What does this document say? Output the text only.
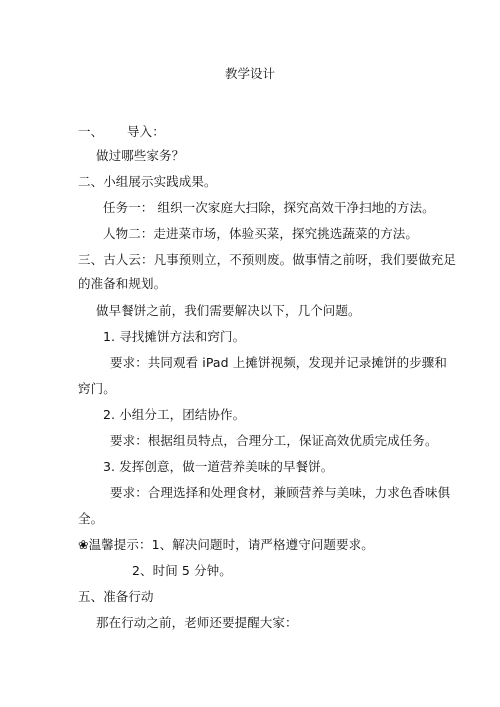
教学设计
一、 导入：
做过哪些家务？
二、小组展示实践成果。
任务一： 组织一次家庭大扫除，探究高效干净扫地的方法。
人物二：走进菜市场，体验买菜，探究挑选蔬菜的方法。
三、古人云：凡事预则立，不预则废。做事情之前呀，我们要做充足
的准备和规划。
做早餐饼之前，我们需要解决以下，几个问题。
1. 寻找摊饼方法和窍门。
要求：共同观看 iPad 上摊饼视频，发现并记录摊饼的步骤和
窍门。
2. 小组分工，团结协作。
要求：根据组员特点，合理分工，保证高效优质完成任务。
3. 发挥创意，做一道营养美味的早餐饼。
要求：合理选择和处理食材，兼顾营养与美味，力求色香味俱
全。
❀温馨提示：1、解决问题时，请严格遵守问题要求。
2、时间 5 分钟。
五、准备行动
那在行动之前，老师还要提醒大家：
